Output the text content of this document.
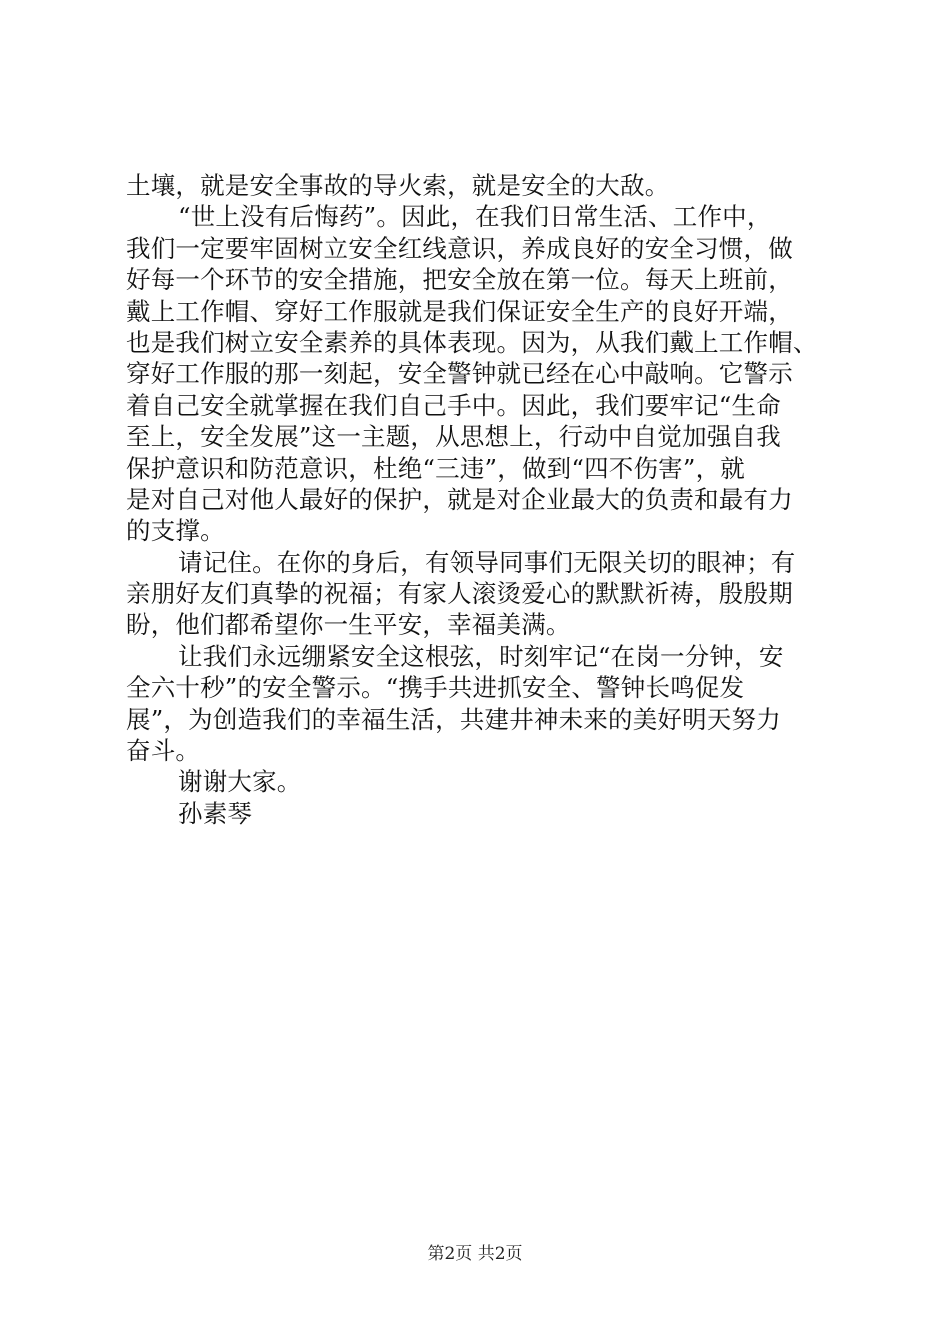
土壤，就是安全事故的导火索，就是安全的大敌。
“世上没有后悔药”。因此，在我们日常生活、工作中，
我们一定要牢固树立安全红线意识，养成良好的安全习惯，做
好每一个环节的安全措施，把安全放在第一位。每天上班前，
戴上工作帽、穿好工作服就是我们保证安全生产的良好开端，
也是我们树立安全素养的具体表现。因为，从我们戴上工作帽、
穿好工作服的那一刻起，安全警钟就已经在心中敲响。它警示
着自己安全就掌握在我们自己手中。因此，我们要牢记“生命
至上，安全发展”这一主题，从思想上，行动中自觉加强自我
保护意识和防范意识，杜绝“三违”，做到“四不伤害”，就
是对自己对他人最好的保护，就是对企业最大的负责和最有力
的支撑。
请记住。在你的身后，有领导同事们无限关切的眼神；有
亲朋好友们真挚的祝福；有家人滚烫爱心的默默祈祷，殷殷期
盼，他们都希望你一生平安，幸福美满。
让我们永远绷紧安全这根弦，时刻牢记“在岗一分钟，安
全六十秒”的安全警示。“携手共进抓安全、警钟长鸣促发
展”，为创造我们的幸福生活，共建井神未来的美好明天努力
奋斗。
谢谢大家。
孙素琴
第2页 共2页
